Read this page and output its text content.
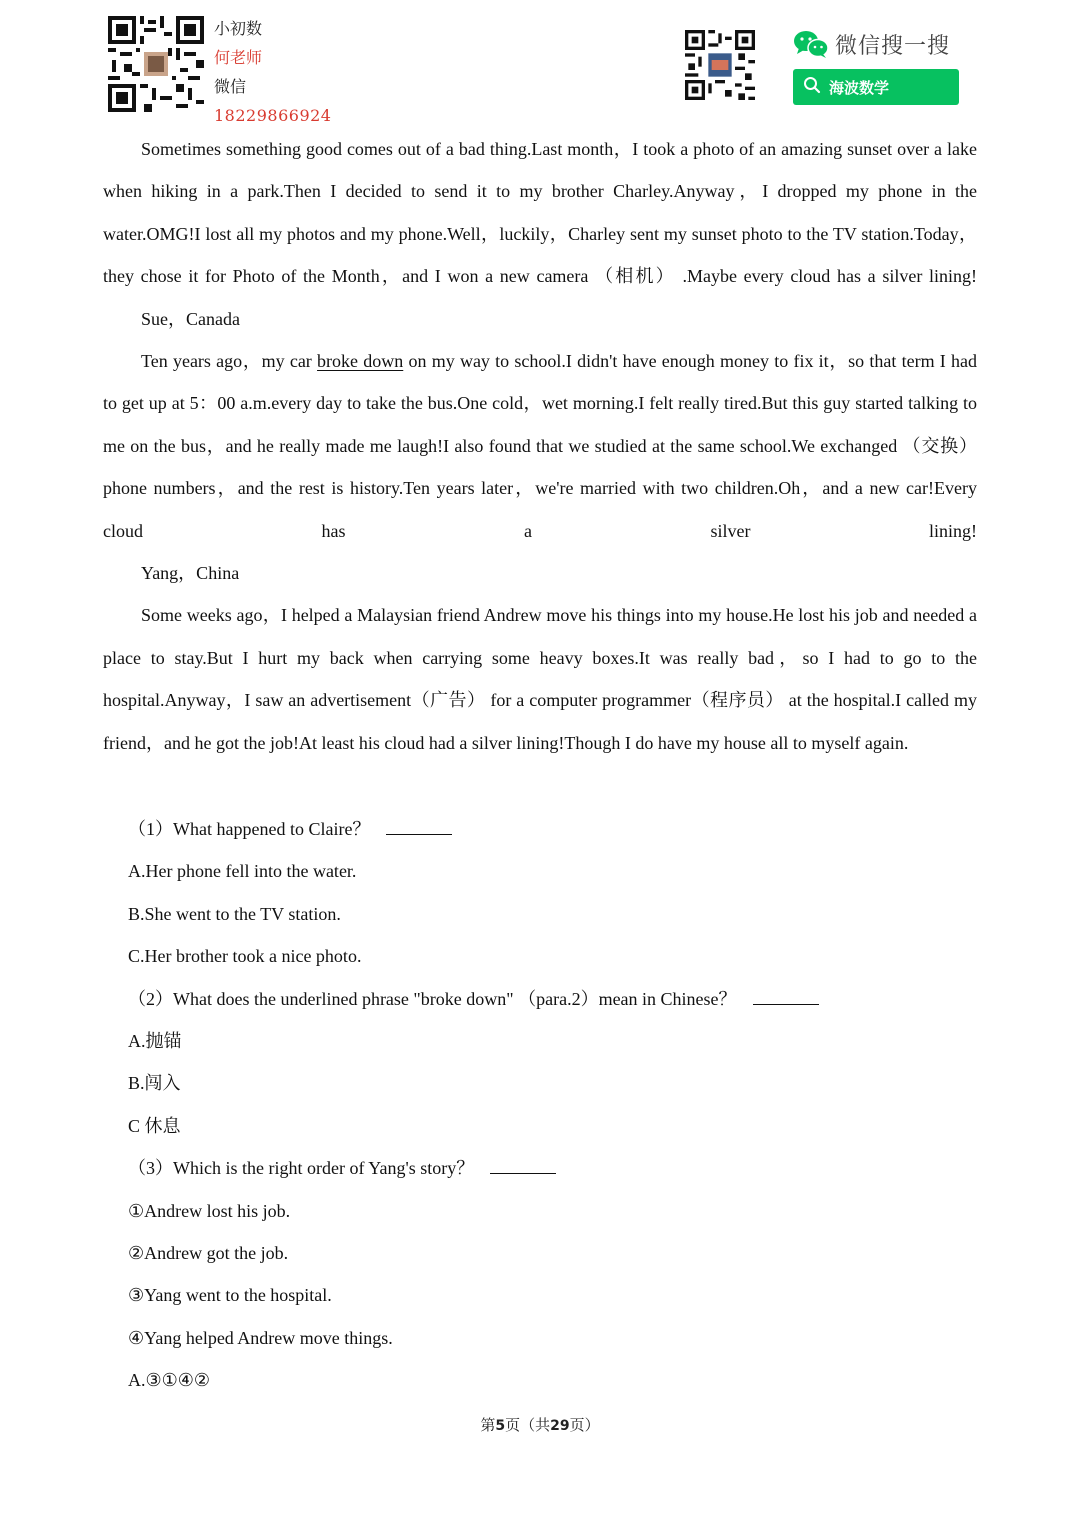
小初数
何老师
微信
18229866924
微信搜一搜
海波数学

Sometimes something good comes out of a bad thing.Last month，I took a photo of an amazing sunset over a lake when hiking in a park.Then I decided to send it to my brother Charley.Anyway，I dropped my phone in the water.OMG!I lost all my photos and my phone.Well，luckily，Charley sent my sunset photo to the TV station.Today，they chose it for Photo of the Month，and I won a new camera （相机） .Maybe every cloud has a silver lining!

Sue，Canada

Ten years ago，my car broke down on my way to school.I didn't have enough money to fix it，so that term I had to get up at 5：00 a.m.every day to take the bus.One cold，wet morning.I felt really tired.But this guy started talking to me on the bus，and he really made me laugh!I also found that we studied at the same school.We exchanged （交换） phone numbers，and the rest is history.Ten years later，we're married with two children.Oh，and a new car!Every cloud has a silver lining!

Yang，China

Some weeks ago，I helped a Malaysian friend Andrew move his things into my house.He lost his job and needed a place to stay.But I hurt my back when carrying some heavy boxes.It was really bad，so I had to go to the hospital.Anyway，I saw an advertisement（广告） for a computer programmer（程序员） at the hospital.I called my friend，and he got the job!At least his cloud had a silver lining!Though I do have my house all to myself again.

（1）What happened to Claire？

A.Her phone fell into the water.

B.She went to the TV station.

C.Her brother took a nice photo.

（2）What does the underlined phrase "broke down" （para.2）mean in Chinese？

A.抛锚

B.闯入

C 休息

（3）Which is the right order of Yang's story？

①Andrew lost his job.

②Andrew got the job.

③Yang went to the hospital.

④Yang helped Andrew move things.

A.③①④②

第5页（共29页）
